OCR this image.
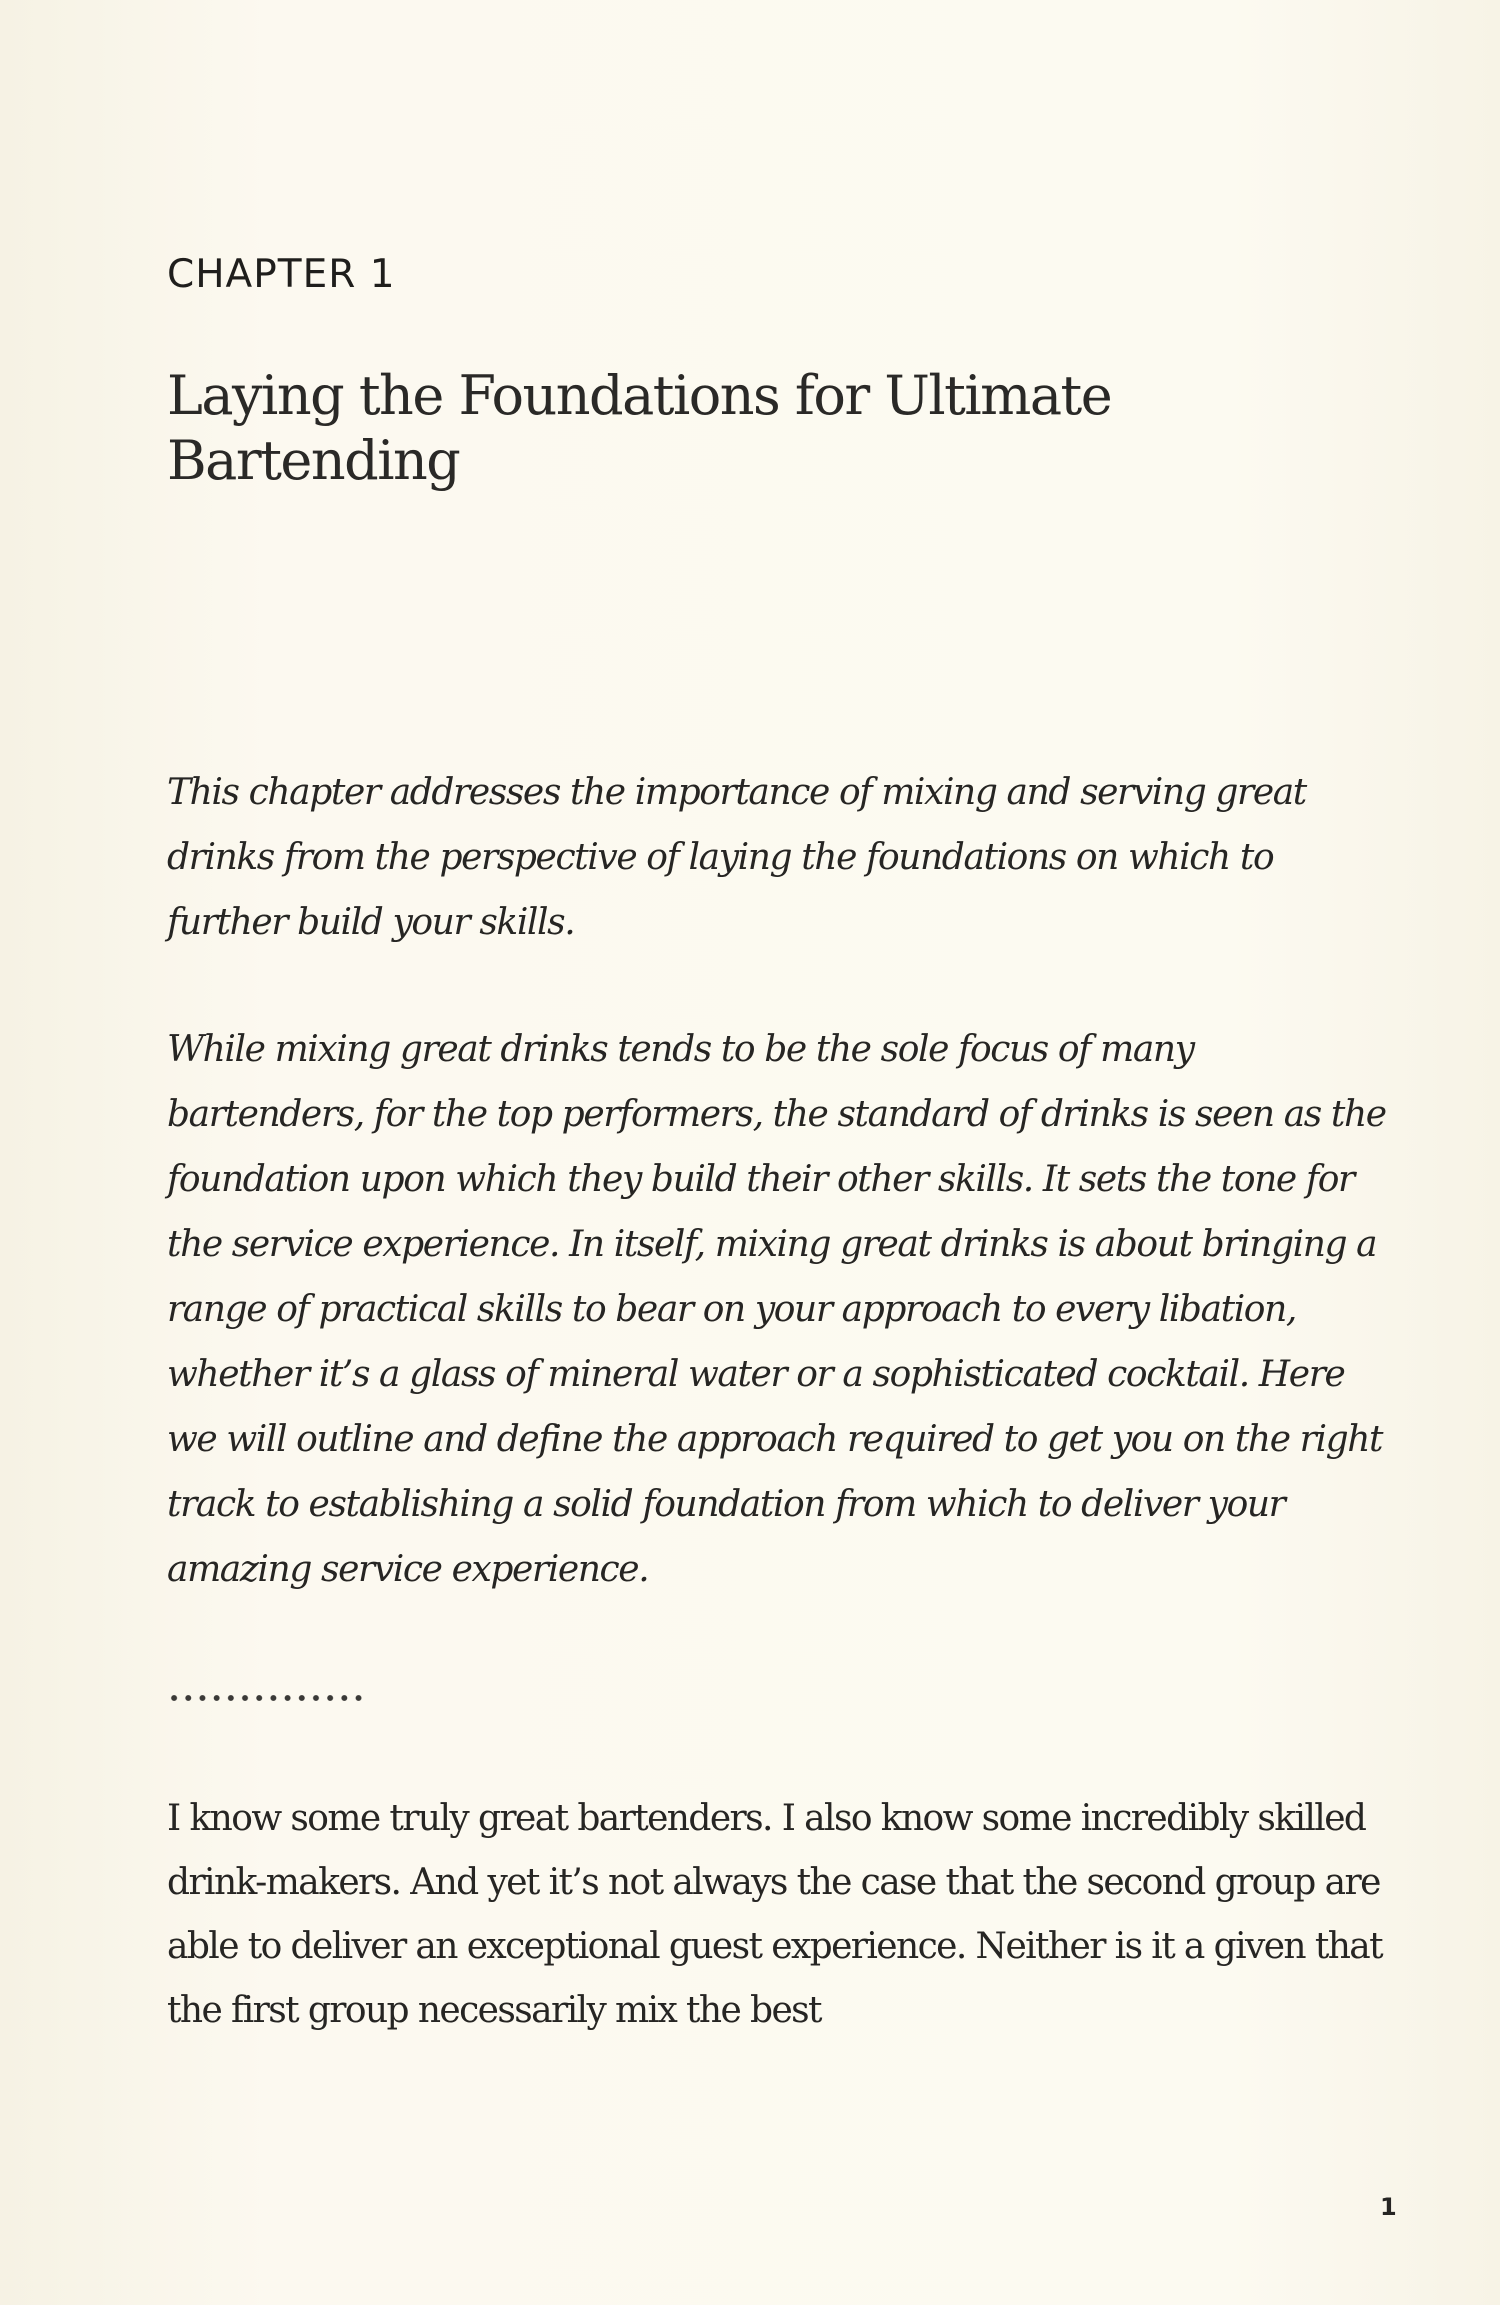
CHAPTER 1
Laying the Foundations for Ultimate Bartending

This chapter addresses the importance of mixing and serving great drinks from the perspective of laying the foundations on which to further build your skills.

While mixing great drinks tends to be the sole focus of many bartenders, for the top performers, the standard of drinks is seen as the foundation upon which they build their other skills. It sets the tone for the service experience. In itself, mixing great drinks is about bringing a range of practical skills to bear on your approach to every libation, whether it’s a glass of mineral water or a sophisticated cocktail. Here we will outline and define the approach required to get you on the right track to establishing a solid foundation from which to deliver your amazing service experience.

I know some truly great bartenders. I also know some incredibly skilled drink-makers. And yet it’s not always the case that the second group are able to deliver an exceptional guest experience. Neither is it a given that the first group necessarily mix the best

1
